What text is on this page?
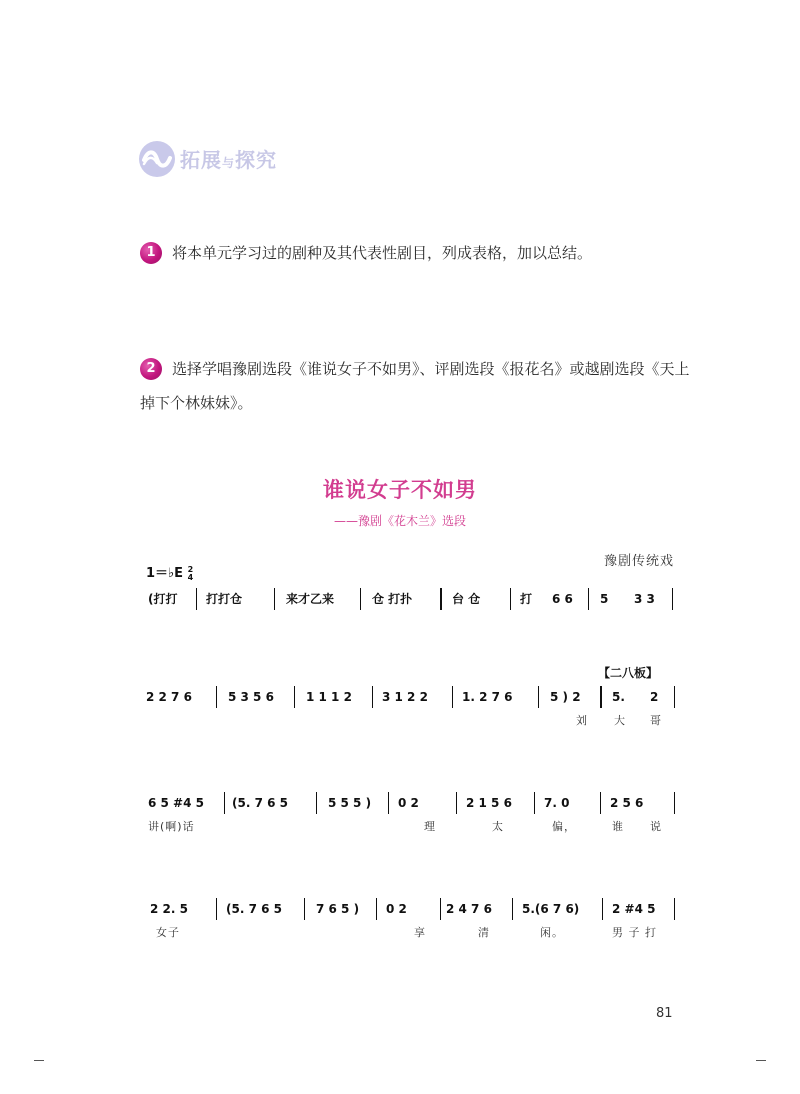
拓展与探究
1	将本单元学习过的剧种及其代表性剧目，列成表格，加以总结。
2	选择学唱豫剧选段《谁说女子不如男》、评剧选段《报花名》或越剧选段《天上
掉下个林妹妹》。
谁说女子不如男
——豫剧《花木兰》选段
豫剧传统戏
1＝♭E 2
4
(打打 打打仓	来才乙来	仓 打扑	台 仓	打 6 6 5 3 3
【二八板】
2 2 7 6	5 3 5 6	1 1 1 2	3 1 2 2	1. 2 7 6	5 ) 2	5. 2
刘 大 哥
6 5 #4 5 (5. 7 6 5	5 5 5 ) 0 2	2 1 5 6	7. 0	2 5 6
讲(啊)话	理	太	偏，	谁 说
2 2. 5	(5. 7 6 5	7 6 5 ) 0 2	2 4 7 6	5.(6 7 6)	2 #4 5
女子	享	清	闲。	男 子 打
81
